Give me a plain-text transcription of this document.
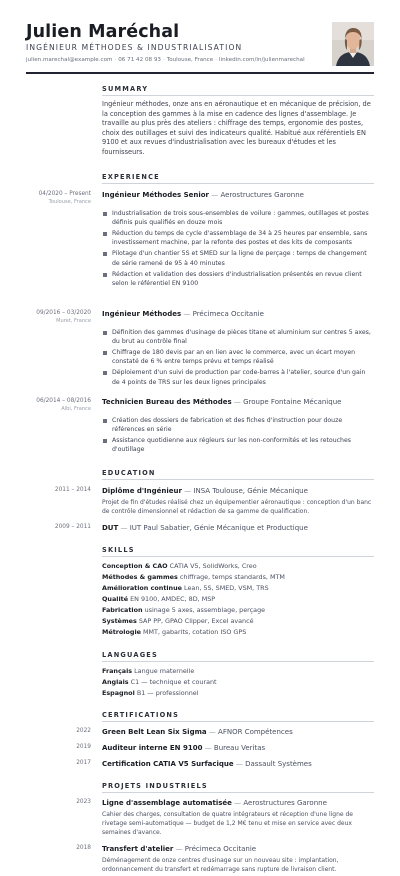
Julien Maréchal
INGÉNIEUR MÉTHODES & INDUSTRIALISATION
julien.marechal@example.com · 06 71 42 08 93 · Toulouse, France · linkedin.com/in/julienmarechal
SUMMARY
Ingénieur méthodes, onze ans en aéronautique et en mécanique de précision, de la conception des gammes à la mise en cadence des lignes d'assemblage. Je travaille au plus près des ateliers : chiffrage des temps, ergonomie des postes, choix des outillages et suivi des indicateurs qualité. Habitué aux référentiels EN 9100 et aux revues d'industrialisation avec les bureaux d'études et les fournisseurs.
EXPERIENCE
04/2020 – Present
Toulouse, France
Ingénieur Méthodes Senior — Aerostructures Garonne
Industrialisation de trois sous-ensembles de voilure : gammes, outillages et postes définis puis qualifiés en douze mois
Réduction du temps de cycle d'assemblage de 34 à 25 heures par ensemble, sans investissement machine, par la refonte des postes et des kits de composants
Pilotage d'un chantier 5S et SMED sur la ligne de perçage : temps de changement de série ramené de 95 à 40 minutes
Rédaction et validation des dossiers d'industrialisation présentés en revue client selon le référentiel EN 9100
09/2016 – 03/2020
Muret, France
Ingénieur Méthodes — Précimeca Occitanie
Définition des gammes d'usinage de pièces titane et aluminium sur centres 5 axes, du brut au contrôle final
Chiffrage de 180 devis par an en lien avec le commerce, avec un écart moyen constaté de 6 % entre temps prévu et temps réalisé
Déploiement d'un suivi de production par code-barres à l'atelier, source d'un gain de 4 points de TRS sur les deux lignes principales
06/2014 – 08/2016
Albi, France
Technicien Bureau des Méthodes — Groupe Fontaine Mécanique
Création des dossiers de fabrication et des fiches d'instruction pour douze références en série
Assistance quotidienne aux régleurs sur les non-conformités et les retouches d'outillage
EDUCATION
2011 – 2014 Diplôme d'Ingénieur — INSA Toulouse, Génie Mécanique
Projet de fin d'études réalisé chez un équipementier aéronautique : conception d'un banc de contrôle dimensionnel et rédaction de sa gamme de qualification.
2009 – 2011 DUT — IUT Paul Sabatier, Génie Mécanique et Productique
SKILLS
Conception & CAO CATIA V5, SolidWorks, Creo
Méthodes & gammes chiffrage, temps standards, MTM
Amélioration continue Lean, 5S, SMED, VSM, TRS
Qualité EN 9100, AMDEC, 8D, MSP
Fabrication usinage 5 axes, assemblage, perçage
Systèmes SAP PP, GPAO Clipper, Excel avancé
Métrologie MMT, gabarits, cotation ISO GPS
LANGUAGES
Français Langue maternelle
Anglais C1 — technique et courant
Espagnol B1 — professionnel
CERTIFICATIONS
2022 Green Belt Lean Six Sigma — AFNOR Compétences
2019 Auditeur interne EN 9100 — Bureau Veritas
2017 Certification CATIA V5 Surfacique — Dassault Systèmes
PROJETS INDUSTRIELS
2023 Ligne d'assemblage automatisée — Aerostructures Garonne
Cahier des charges, consultation de quatre intégrateurs et réception d'une ligne de rivetage semi-automatique — budget de 1,2 M€ tenu et mise en service avec deux semaines d'avance.
2018 Transfert d'atelier — Précimeca Occitanie
Déménagement de onze centres d'usinage sur un nouveau site : implantation, ordonnancement du transfert et redémarrage sans rupture de livraison client.
